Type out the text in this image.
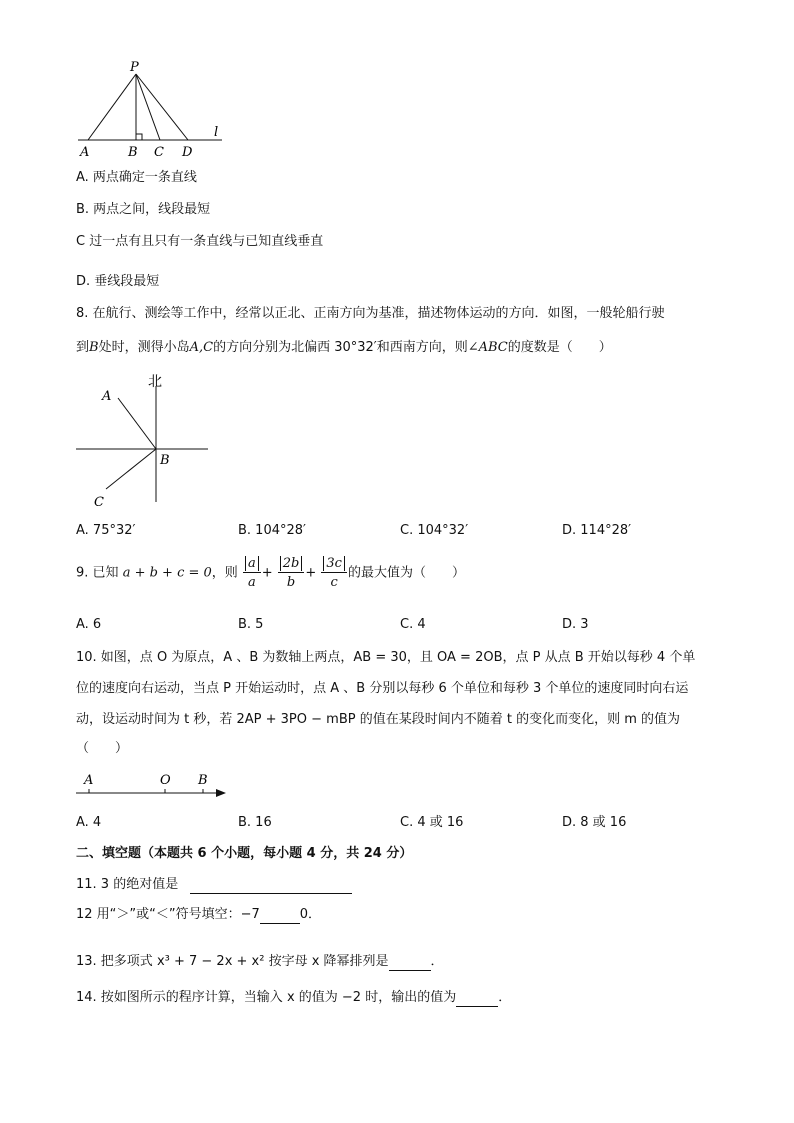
P
A	B C D
l
A. 两点确定一条直线
B. 两点之间，线段最短
C 过一点有且只有一条直线与已知直线垂直
D. 垂线段最短
8. 在航行、测绘等工作中，经常以正北、正南方向为基准，描述物体运动的方向．如图，一般轮船行驶
到B处时，测得小岛A,C的方向分别为北偏西 30°32′和西南方向，则∠ABC的度数是（　　）
北
A
B
C
A. 75°32′	B. 104°28′	C. 104°32′	D. 114°28′
9. 已知 a + b + c = 0，则 $\frac{a}{a} + \frac{2b}{b} + \frac{3c}{c}$ 的最大值为（　　）
A. 6	B. 5	C. 4	D. 3
10. 如图，点 O 为原点，A 、B 为数轴上两点，AB = 30，且 OA = 2OB，点 P 从点 B 开始以每秒 4 个单
位的速度向右运动，当点 P 开始运动时，点 A 、B 分别以每秒 6 个单位和每秒 3 个单位的速度同时向右运
动，设运动时间为 t 秒，若 2AP + 3PO − mBP 的值在某段时间内不随着 t 的变化而变化，则 m 的值为
（　　）
A	O B
A. 4	B. 16	C. 4 或 16	D. 8 或 16
二、填空题（本题共 6 个小题，每小题 4 分，共 24 分）
11. 3 的绝对值是
12 用“＞”或“＜”符号填空：−7	0．
13. 把多项式 x³ + 7 − 2x + x² 按字母 x 降幂排列是	．
14. 按如图所示的程序计算，当输入 x 的值为 −2 时，输出的值为	．
